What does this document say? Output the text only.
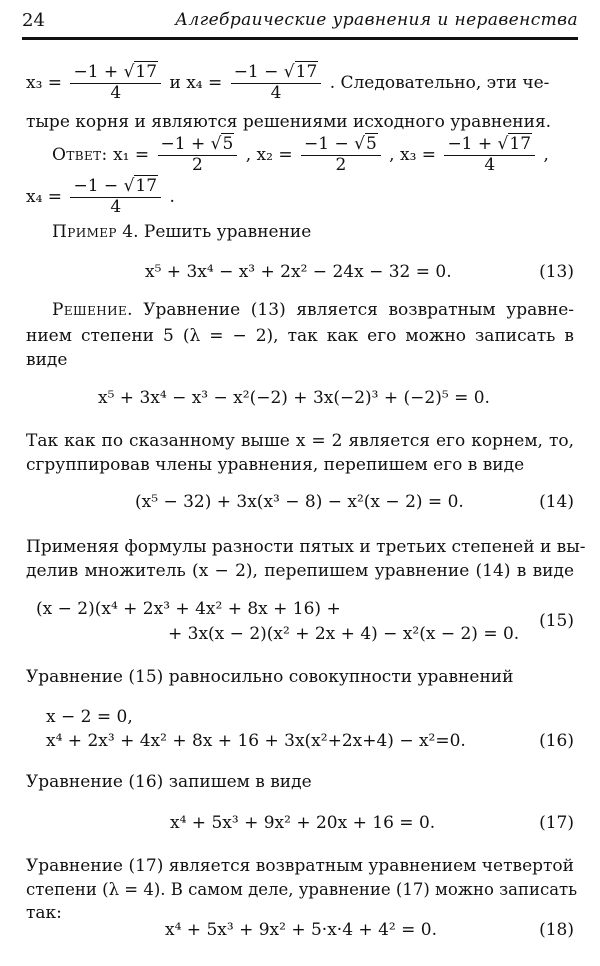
24	Алгебраические уравнения и неравенства
$x_3 = \frac{-1 + √17}{4}$ и $x_4 = \frac{-1 - √17}{4}$ . Следовательно, эти че-
тыре корня и являются решениями исходного уравнения.
Ответ: $x_1 = \frac{-1 + √5}{2}$ , $x_2 = \frac{-1 - √5}{2}$ , $x_3 = \frac{-1 + √17}{4}$ ,
$x_4 = \frac{-1 - √17}{4}$ .
Пример 4. Решить уравнение
x⁵ + 3x⁴ − x³ + 2x² − 24x − 32 = 0.	(13)
Решение. Уравнение (13) является возвратным уравне-
нием степени 5 (λ = − 2), так как его можно записать в
виде
x⁵ + 3x⁴ − x³ − x²(−2) + 3x(−2)³ + (−2)⁵ = 0.
Так как по сказанному выше x = 2 является его корнем, то,
сгруппировав члены уравнения, перепишем его в виде
(x⁵ − 32) + 3x(x³ − 8) − x²(x − 2) = 0.	(14)
Применяя формулы разности пятых и третьих степеней и вы-
делив множитель (x − 2), перепишем уравнение (14) в виде
(x − 2)(x⁴ + 2x³ + 4x² + 8x + 16) +
+ 3x(x − 2)(x² + 2x + 4) − x²(x − 2) = 0.
(15)
Уравнение (15) равносильно совокупности уравнений
x − 2 = 0,
x⁴ + 2x³ + 4x² + 8x + 16 + 3x(x²+2x+4) − x²=0.	(16)
Уравнение (16) запишем в виде
x⁴ + 5x³ + 9x² + 20x + 16 = 0.	(17)
Уравнение (17) является возвратным уравнением четвертой
степени (λ = 4). В самом деле, уравнение (17) можно записать
так:
x⁴ + 5x³ + 9x² + 5·x·4 + 4² = 0.	(18)
